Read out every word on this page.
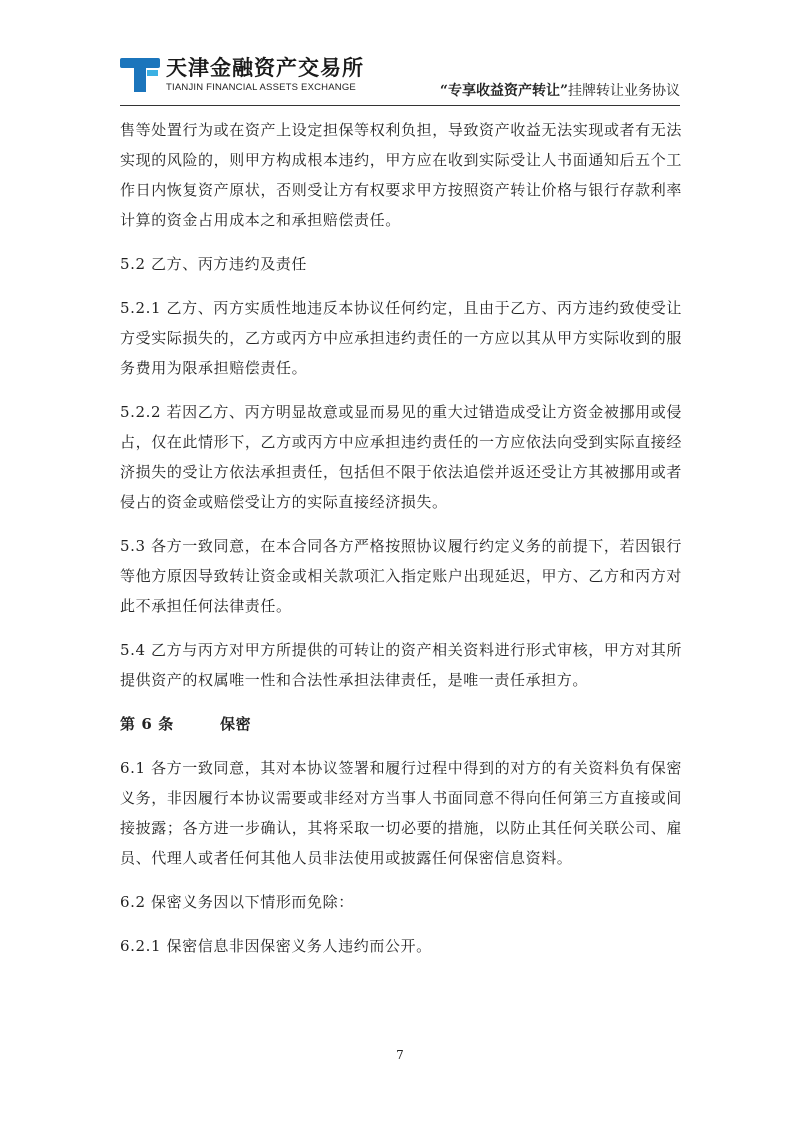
天津金融资产交易所
TIANJIN FINANCIAL ASSETS EXCHANGE	“专享收益资产转让”挂牌转让业务协议

售等处置行为或在资产上设定担保等权利负担，导致资产收益无法实现或者有无法实现的风险的，则甲方构成根本违约，甲方应在收到实际受让人书面通知后五个工作日内恢复资产原状，否则受让方有权要求甲方按照资产转让价格与银行存款利率计算的资金占用成本之和承担赔偿责任。

5.2 乙方、丙方违约及责任

5.2.1 乙方、丙方实质性地违反本协议任何约定，且由于乙方、丙方违约致使受让方受实际损失的，乙方或丙方中应承担违约责任的一方应以其从甲方实际收到的服务费用为限承担赔偿责任。

5.2.2 若因乙方、丙方明显故意或显而易见的重大过错造成受让方资金被挪用或侵占，仅在此情形下，乙方或丙方中应承担违约责任的一方应依法向受到实际直接经济损失的受让方依法承担责任，包括但不限于依法追偿并返还受让方其被挪用或者侵占的资金或赔偿受让方的实际直接经济损失。

5.3 各方一致同意，在本合同各方严格按照协议履行约定义务的前提下，若因银行等他方原因导致转让资金或相关款项汇入指定账户出现延迟，甲方、乙方和丙方对此不承担任何法律责任。

5.4 乙方与丙方对甲方所提供的可转让的资产相关资料进行形式审核，甲方对其所提供资产的权属唯一性和合法性承担法律责任，是唯一责任承担方。

第 6 条	保密

6.1 各方一致同意，其对本协议签署和履行过程中得到的对方的有关资料负有保密义务，非因履行本协议需要或非经对方当事人书面同意不得向任何第三方直接或间接披露；各方进一步确认，其将采取一切必要的措施，以防止其任何关联公司、雇员、代理人或者任何其他人员非法使用或披露任何保密信息资料。

6.2 保密义务因以下情形而免除：

6.2.1 保密信息非因保密义务人违约而公开。

7
